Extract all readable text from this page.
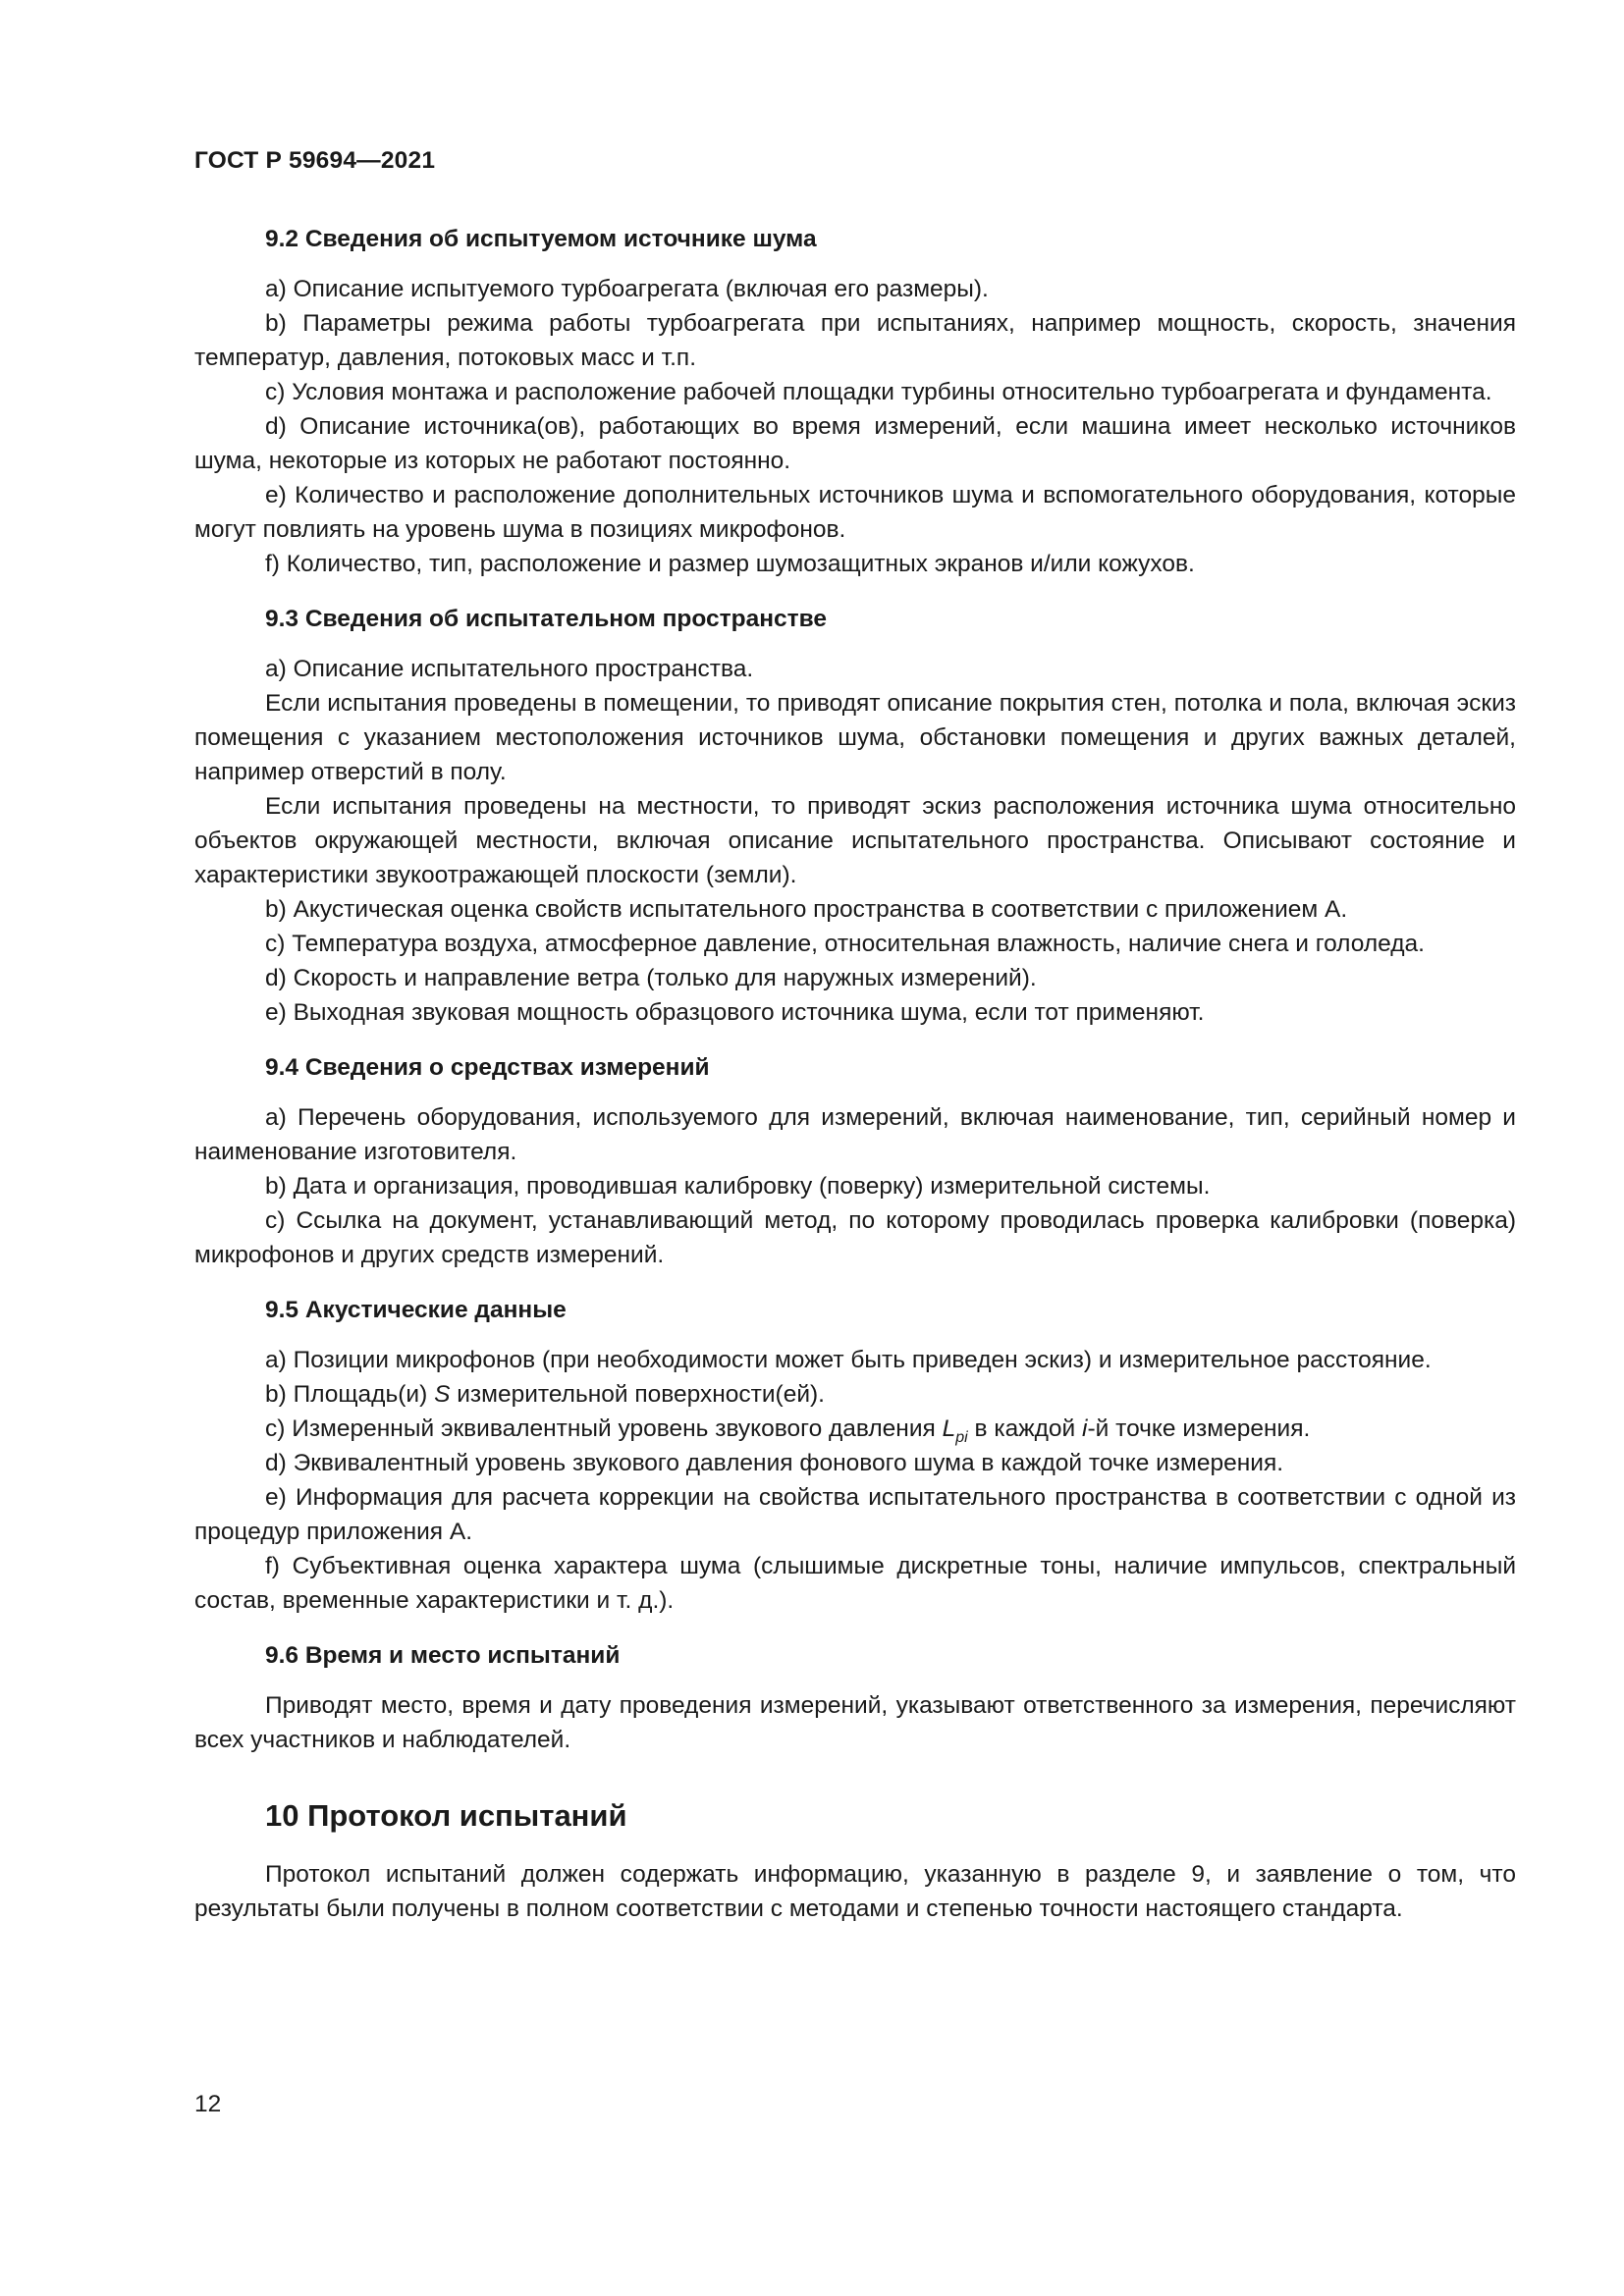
ГОСТ Р 59694—2021
9.2 Сведения об испытуемом источнике шума

a) Описание испытуемого турбоагрегата (включая его размеры).

b) Параметры режима работы турбоагрегата при испытаниях, например мощность, скорость, значения температур, давления, потоковых масс и т.п.

c) Условия монтажа и расположение рабочей площадки турбины относительно турбоагрегата и фундамента.

d) Описание источника(ов), работающих во время измерений, если машина имеет несколько источников шума, некоторые из которых не работают постоянно.

e) Количество и расположение дополнительных источников шума и вспомогательного оборудования, которые могут повлиять на уровень шума в позициях микрофонов.

f) Количество, тип, расположение и размер шумозащитных экранов и/или кожухов.

9.3 Сведения об испытательном пространстве

a) Описание испытательного пространства.

Если испытания проведены в помещении, то приводят описание покрытия стен, потолка и пола, включая эскиз помещения с указанием местоположения источников шума, обстановки помещения и других важных деталей, например отверстий в полу.

Если испытания проведены на местности, то приводят эскиз расположения источника шума относительно объектов окружающей местности, включая описание испытательного пространства. Описывают состояние и характеристики звукоотражающей плоскости (земли).

b) Акустическая оценка свойств испытательного пространства в соответствии с приложением А.

c) Температура воздуха, атмосферное давление, относительная влажность, наличие снега и гололеда.

d) Скорость и направление ветра (только для наружных измерений).

e) Выходная звуковая мощность образцового источника шума, если тот применяют.

9.4 Сведения о средствах измерений

a) Перечень оборудования, используемого для измерений, включая наименование, тип, серийный номер и наименование изготовителя.

b) Дата и организация, проводившая калибровку (поверку) измерительной системы.

c) Ссылка на документ, устанавливающий метод, по которому проводилась проверка калибровки (поверка) микрофонов и других средств измерений.

9.5 Акустические данные

a) Позиции микрофонов (при необходимости может быть приведен эскиз) и измерительное расстояние.

b) Площадь(и) S измерительной поверхности(ей).

c) Измеренный эквивалентный уровень звукового давления $L_{pi}$ в каждой i-й точке измерения.

d) Эквивалентный уровень звукового давления фонового шума в каждой точке измерения.

e) Информация для расчета коррекции на свойства испытательного пространства в соответствии с одной из процедур приложения А.

f) Субъективная оценка характера шума (слышимые дискретные тоны, наличие импульсов, спектральный состав, временные характеристики и т. д.).

9.6 Время и место испытаний

Приводят место, время и дату проведения измерений, указывают ответственного за измерения, перечисляют всех участников и наблюдателей.

10 Протокол испытаний

Протокол испытаний должен содержать информацию, указанную в разделе 9, и заявление о том, что результаты были получены в полном соответствии с методами и степенью точности настоящего стандарта.

12
